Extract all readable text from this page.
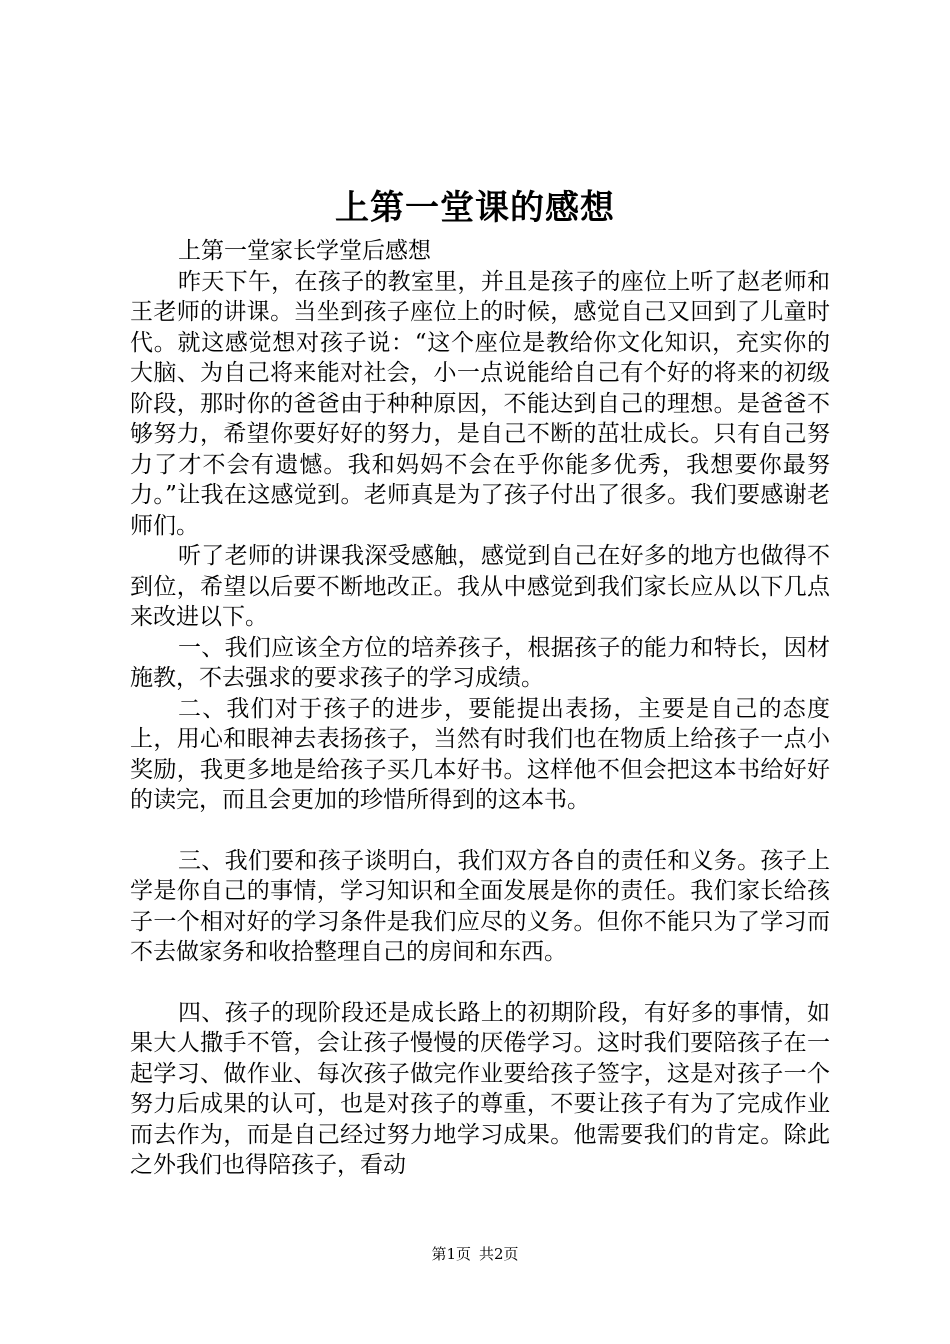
上第一堂课的感想

上第一堂家长学堂后感想

昨天下午，在孩子的教室里，并且是孩子的座位上听了赵老师和王老师的讲课。当坐到孩子座位上的时候，感觉自己又回到了儿童时代。就这感觉想对孩子说：“这个座位是教给你文化知识，充实你的大脑、为自己将来能对社会，小一点说能给自己有个好的将来的初级阶段，那时你的爸爸由于种种原因，不能达到自己的理想。是爸爸不够努力，希望你要好好的努力，是自己不断的茁壮成长。只有自己努力了才不会有遗憾。我和妈妈不会在乎你能多优秀，我想要你最努力。”让我在这感觉到。老师真是为了孩子付出了很多。我们要感谢老师们。

听了老师的讲课我深受感触，感觉到自己在好多的地方也做得不到位，希望以后要不断地改正。我从中感觉到我们家长应从以下几点来改进以下。

一、我们应该全方位的培养孩子，根据孩子的能力和特长，因材施教，不去强求的要求孩子的学习成绩。

二、我们对于孩子的进步，要能提出表扬，主要是自己的态度上，用心和眼神去表扬孩子，当然有时我们也在物质上给孩子一点小奖励，我更多地是给孩子买几本好书。这样他不但会把这本书给好好的读完，而且会更加的珍惜所得到的这本书。

三、我们要和孩子谈明白，我们双方各自的责任和义务。孩子上学是你自己的事情，学习知识和全面发展是你的责任。我们家长给孩子一个相对好的学习条件是我们应尽的义务。但你不能只为了学习而不去做家务和收拾整理自己的房间和东西。

四、孩子的现阶段还是成长路上的初期阶段，有好多的事情，如果大人撒手不管，会让孩子慢慢的厌倦学习。这时我们要陪孩子在一起学习、做作业、每次孩子做完作业要给孩子签字，这是对孩子一个努力后成果的认可，也是对孩子的尊重，不要让孩子有为了完成作业而去作为，而是自己经过努力地学习成果。他需要我们的肯定。除此之外我们也得陪孩子，看动

第1页 共2页
